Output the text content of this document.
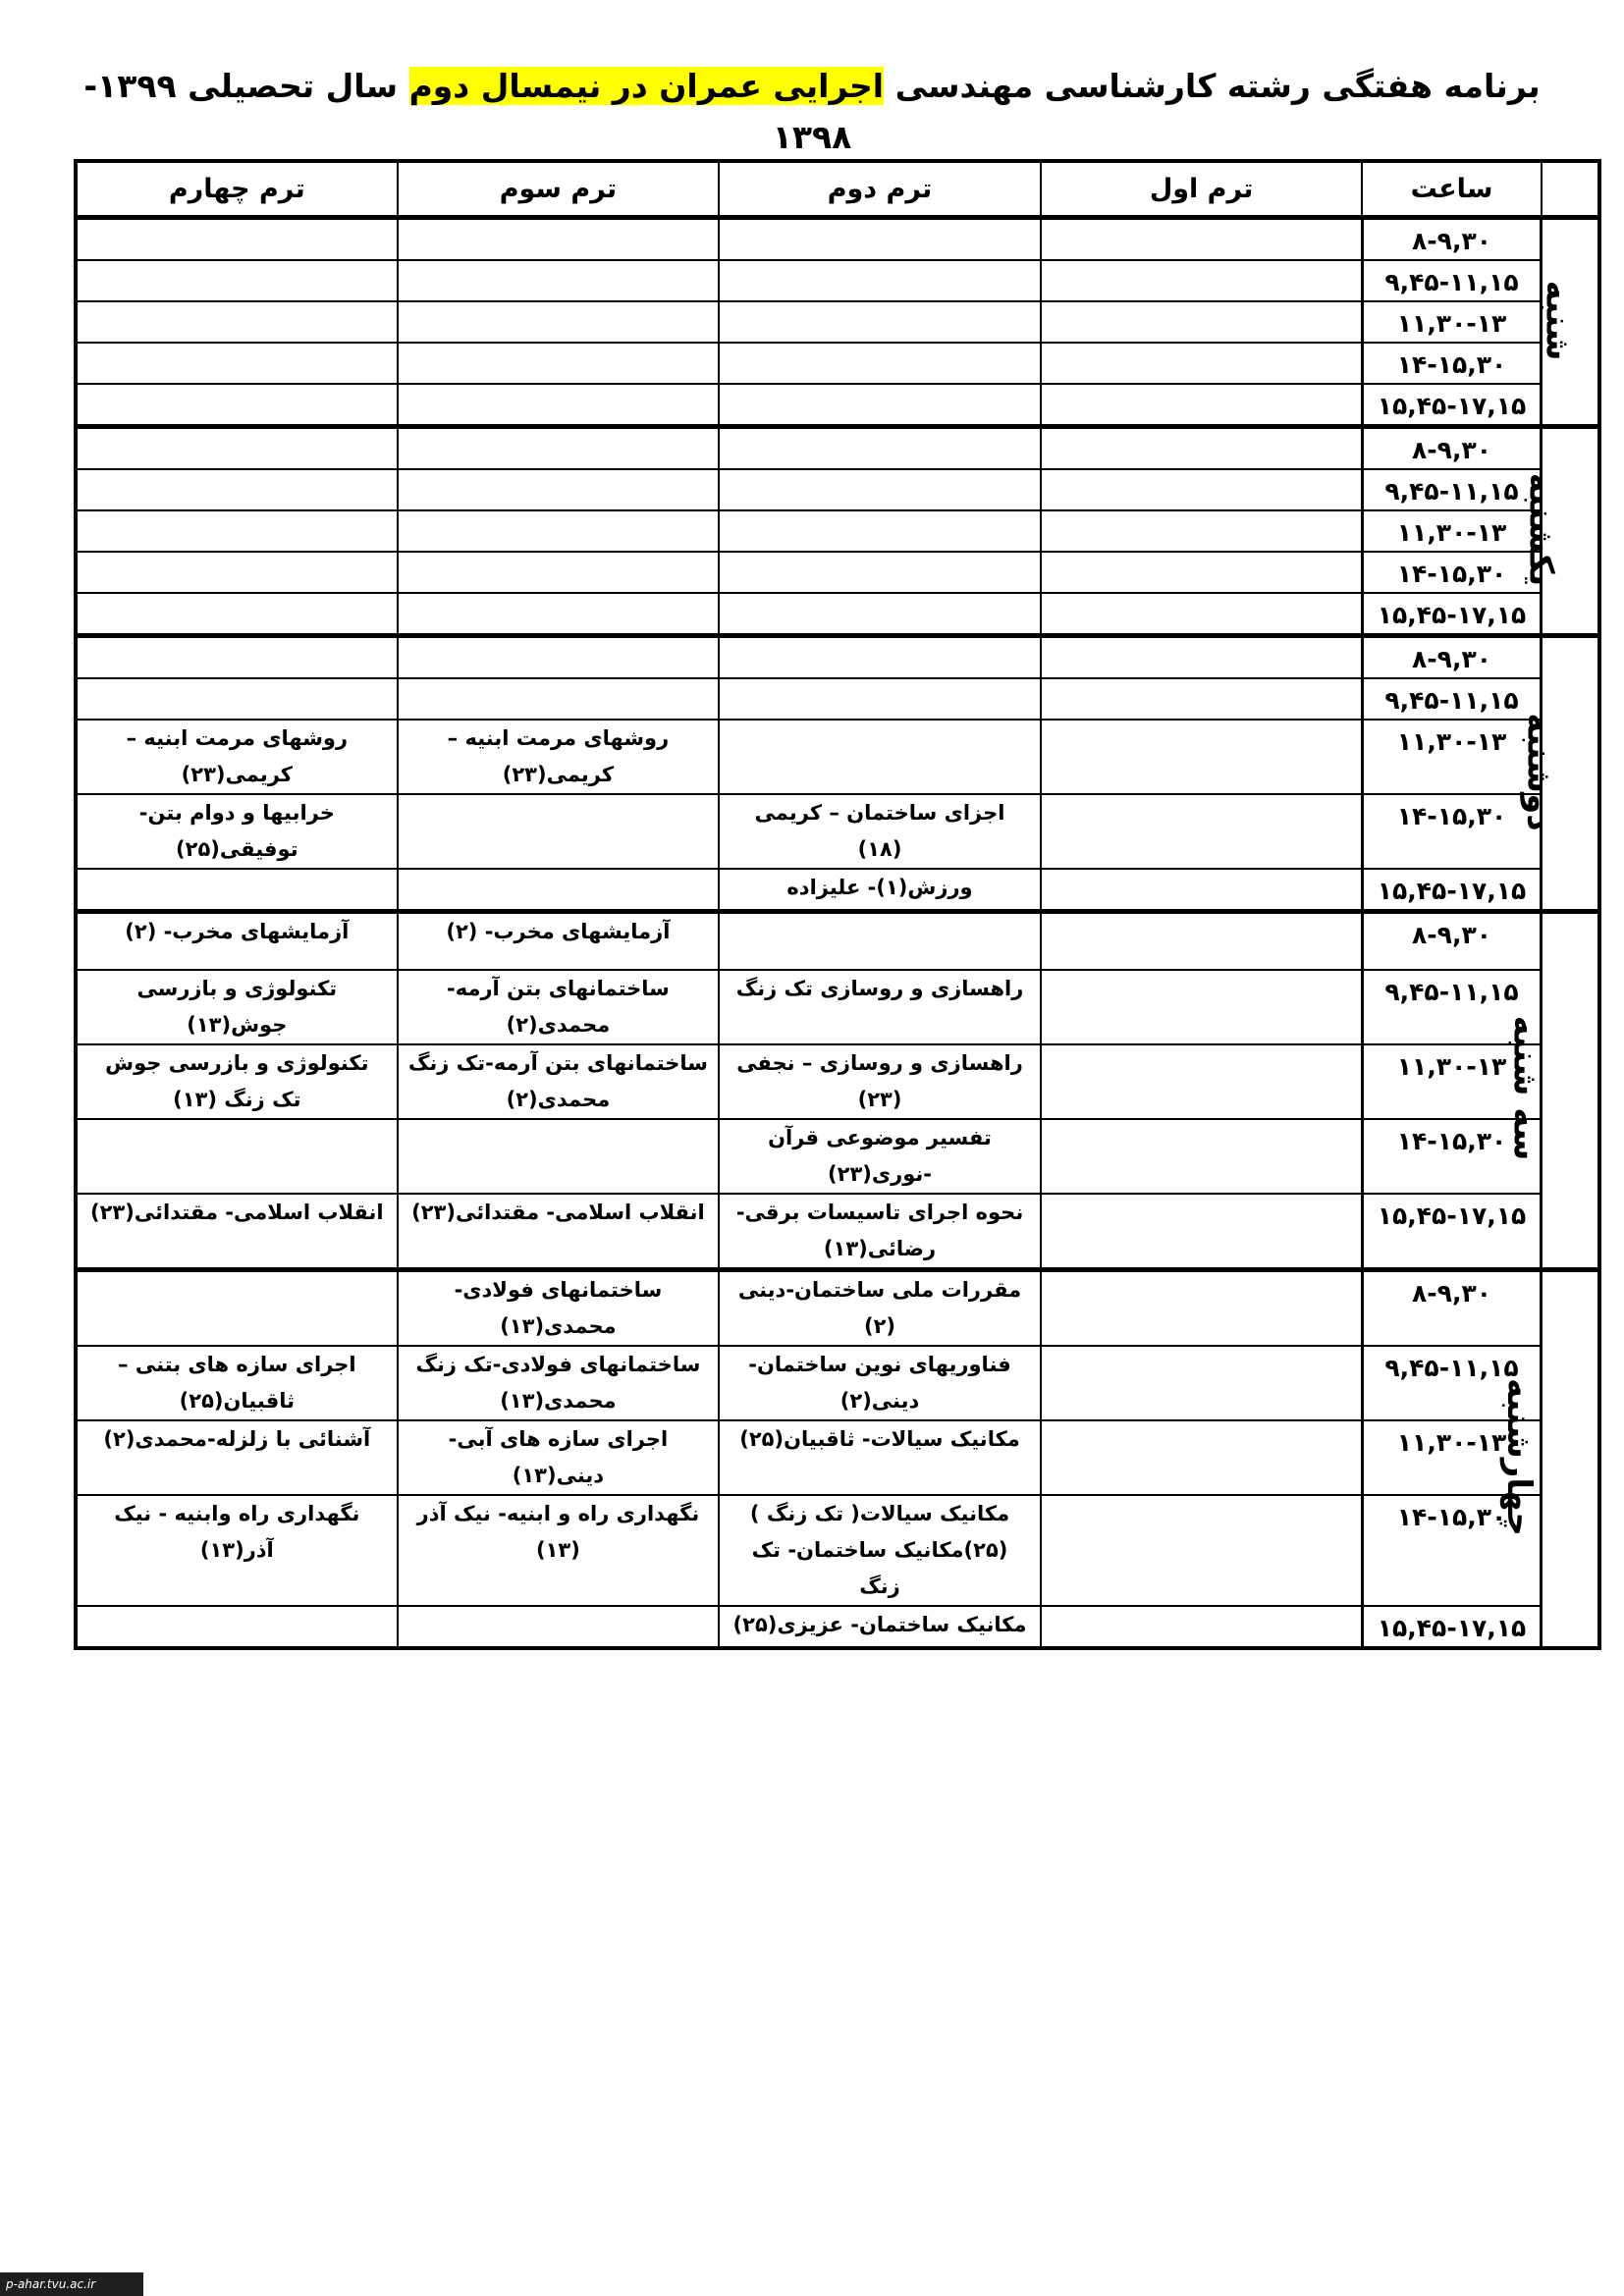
برنامه هفتگی رشته کارشناسی مهندسی اجرایی عمران در نیمسال دوم سال تحصیلی ۱۳۹۹- ۱۳۹۸
	ساعت	ترم اول	ترم دوم	ترم سوم	ترم چهارم
شنبه	۸-۹,۳۰				
	۹,۴۵-۱۱,۱۵				
	۱۱,۳۰-۱۳				
	۱۴-۱۵,۳۰				
	۱۵,۴۵-۱۷,۱۵				
یکشنبه	۸-۹,۳۰				
	۹,۴۵-۱۱,۱۵				
	۱۱,۳۰-۱۳				
	۱۴-۱۵,۳۰				
	۱۵,۴۵-۱۷,۱۵				
دوشنبه	۸-۹,۳۰				
	۹,۴۵-۱۱,۱۵				
	۱۱,۳۰-۱۳			روشهای مرمت ابنیه – کریمی(۲۳)	روشهای مرمت ابنیه – کریمی(۲۳)
	۱۴-۱۵,۳۰		اجزای ساختمان – کریمی (۱۸)		خرابیها و دوام بتن-توفیقی(۲۵)
	۱۵,۴۵-۱۷,۱۵		ورزش(۱)- علیزاده		
سه شنبه	۸-۹,۳۰			آزمایشهای مخرب- (۲)	آزمایشهای مخرب- (۲)
	۹,۴۵-۱۱,۱۵		راهسازی و روسازی تک زنگ	ساختمانهای بتن آرمه- محمدی(۲)	تکنولوژی و بازرسی جوش(۱۳)
	۱۱,۳۰-۱۳		راهسازی و روسازی – نجفی (۲۳)	ساختمانهای بتن آرمه-تک زنگ محمدی(۲)	تکنولوژی و بازرسی جوش تک زنگ (۱۳)
	۱۴-۱۵,۳۰		تفسیر موضوعی قرآن -نوری(۲۳)		
	۱۵,۴۵-۱۷,۱۵		نحوه اجرای تاسیسات برقی- رضائی(۱۳)	انقلاب اسلامی- مقتدائی(۲۳)	انقلاب اسلامی- مقتدائی(۲۳)
چهارشنبه	۸-۹,۳۰		مقررات ملی ساختمان-دینی (۲)	ساختمانهای فولادی- محمدی(۱۳)	
	۹,۴۵-۱۱,۱۵		فناوریهای نوین ساختمان- دینی(۲)	ساختمانهای فولادی-تک زنگ محمدی(۱۳)	اجرای سازه های بتنی – ثاقبیان(۲۵)
	۱۱,۳۰-۱۳		مکانیک سیالات- ثاقبیان(۲۵)	اجرای سازه های آبی-دینی(۱۳)	آشنائی با زلزله-محمدی(۲)
	۱۴-۱۵,۳۰		مکانیک سیالات( تک زنگ ) (۲۵)مکانیک ساختمان- تک زنگ	نگهداری راه و ابنیه- نیک آذر (۱۳)	نگهداری راه وابنیه - نیک آذر(۱۳)
	۱۵,۴۵-۱۷,۱۵		مکانیک ساختمان- عزیزی(۲۵)		
p-ahar.tvu.ac.ir
